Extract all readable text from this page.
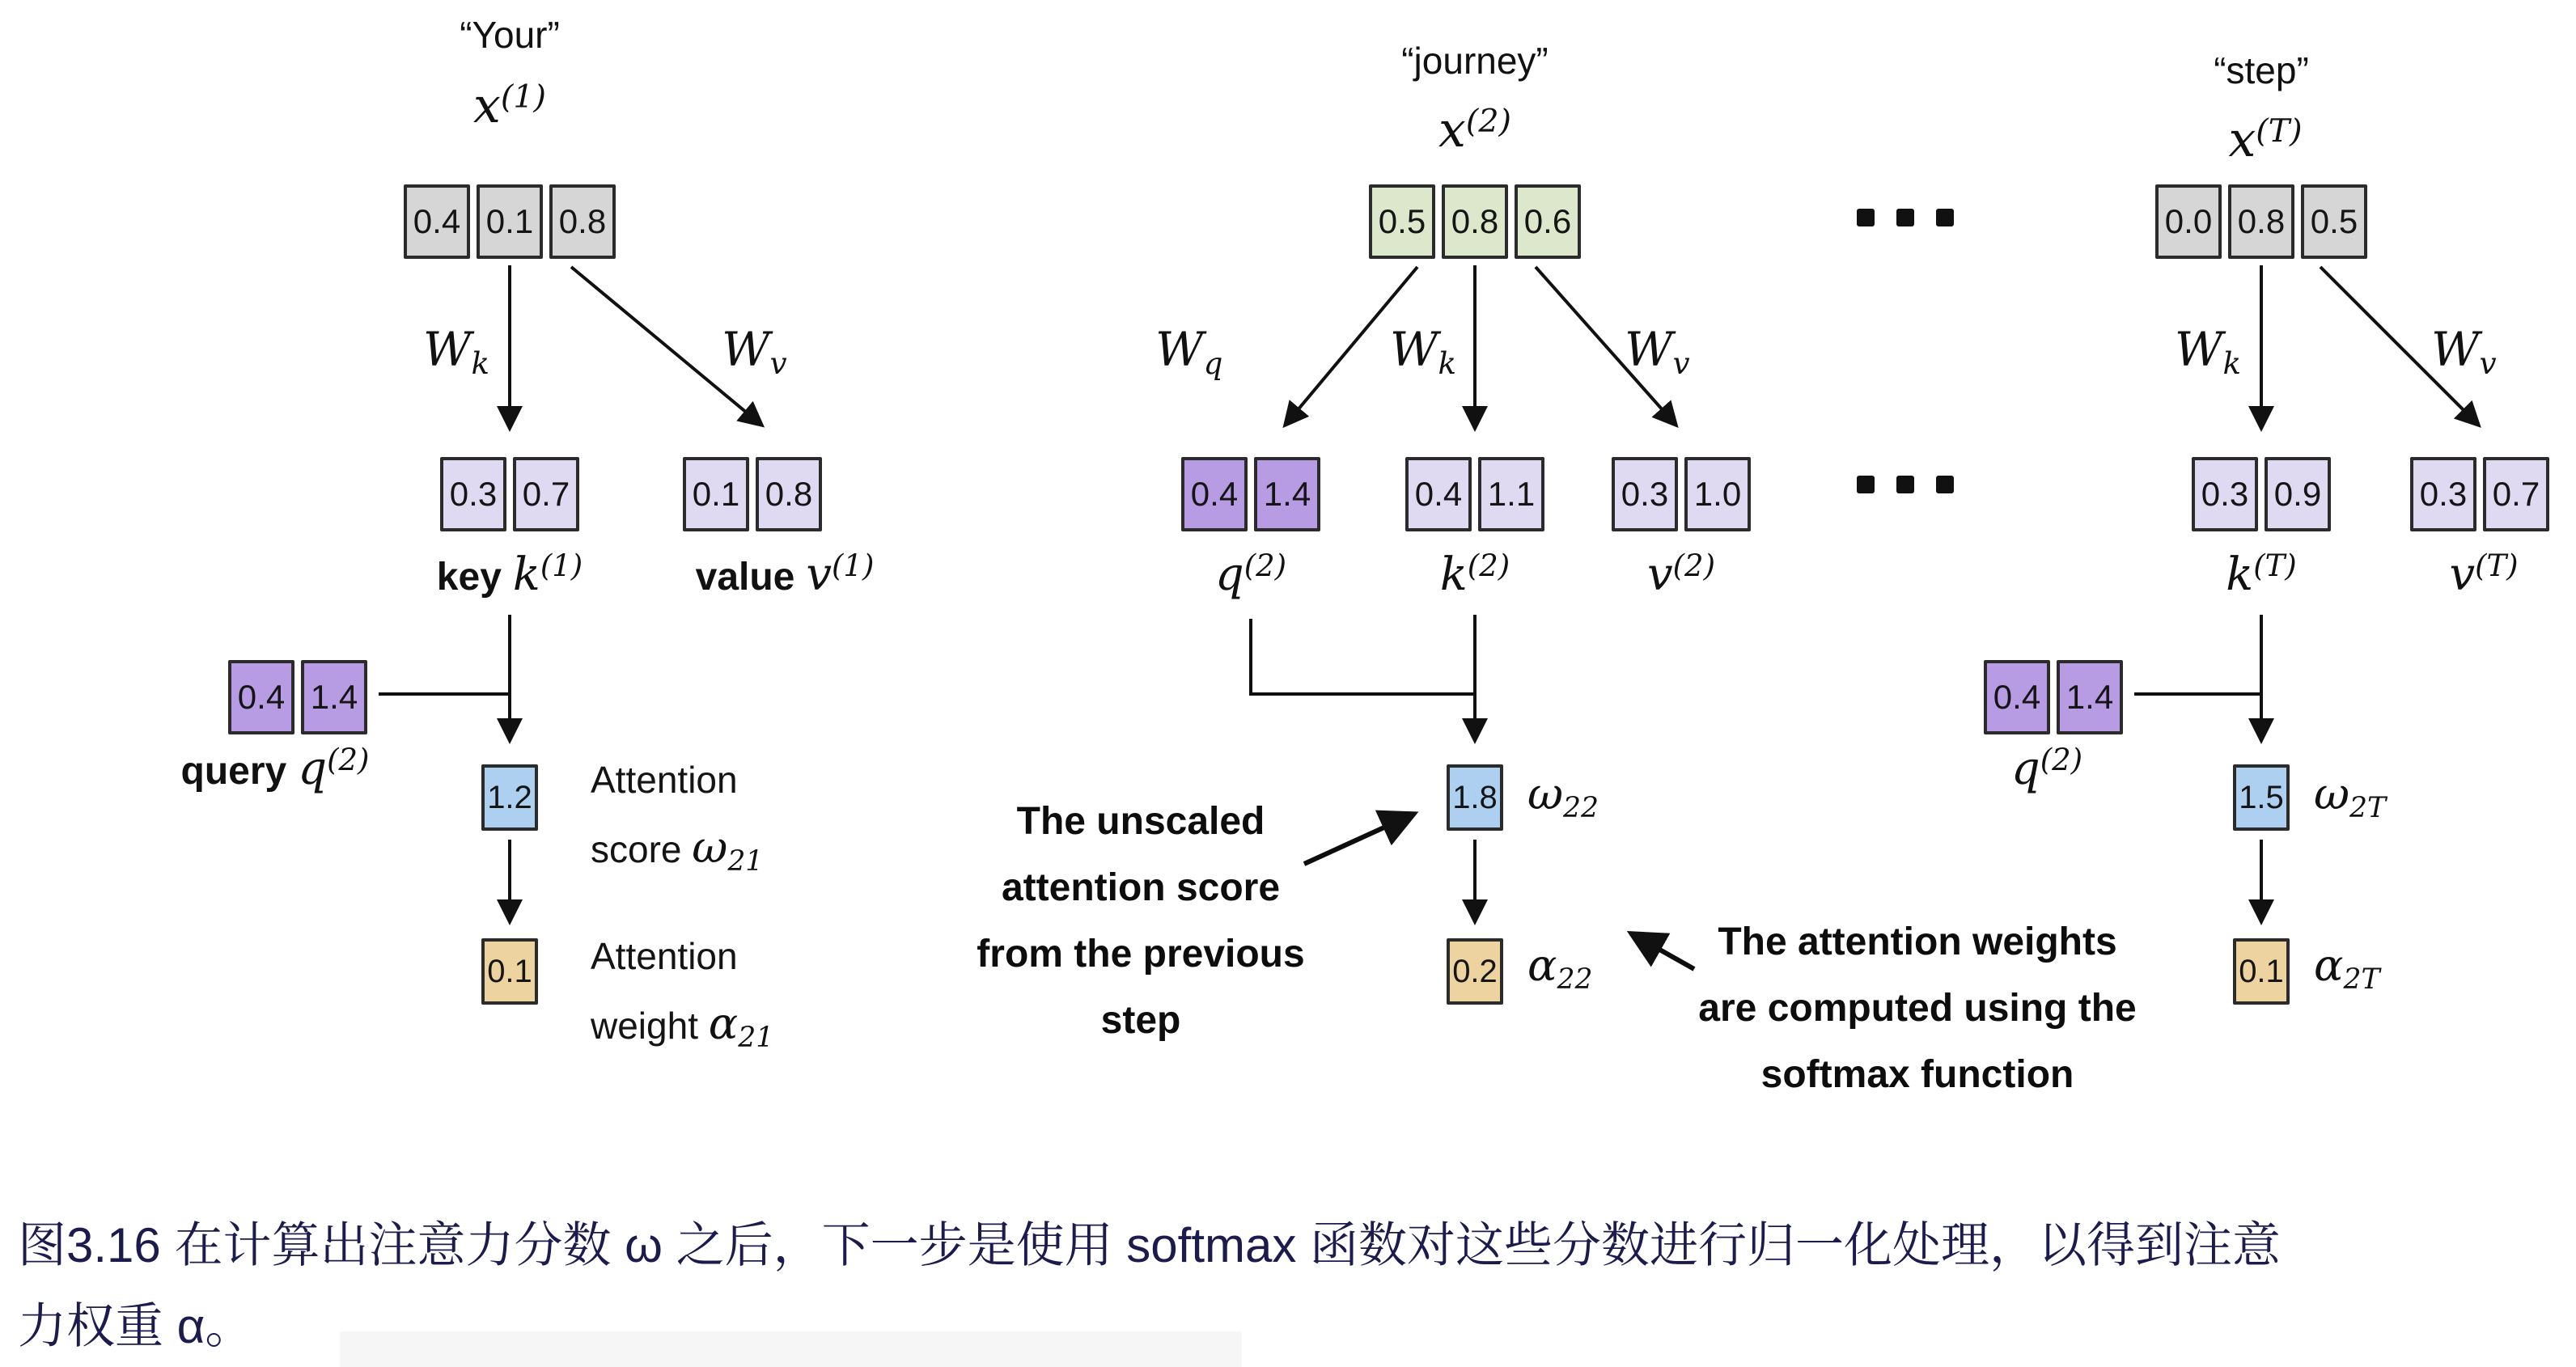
“Your”
$x^{(1)}$
0.4 0.1 0.8
Wk	Wv
0.3 0.7	0.1 0.8
key $k^{(1)}$	value $v^{(1)}$
0.4 1.4
query $q^{(2)}$
1.2 Attention
score ω21
0.1 Attention
weight α21
“journey”
$x^{(2)}$
0.5 0.8 0.6
Wq	Wk	Wv
0.4 1.4	0.4 1.1	0.3 1.0
$q^{(2)}$	$k^{(2)}$	$v^{(2)}$
1.8 ω22
0.2 α22
The unscaled
attention score
from the previous
step
The attention weights
are computed using the
softmax function
“step”
$x^{(T)}$
0.0 0.8 0.5
Wk	Wv
0.3 0.9	0.3 0.7
$k^{(T)}$	$v^{(T)}$
0.4 1.4
$q^{(2)}$
1.5 ω2T
0.1 α2T
图3.16 在计算出注意力分数 ω 之后，下一步是使用 softmax 函数对这些分数进行归一化处理，以得到注意
力权重 α。
